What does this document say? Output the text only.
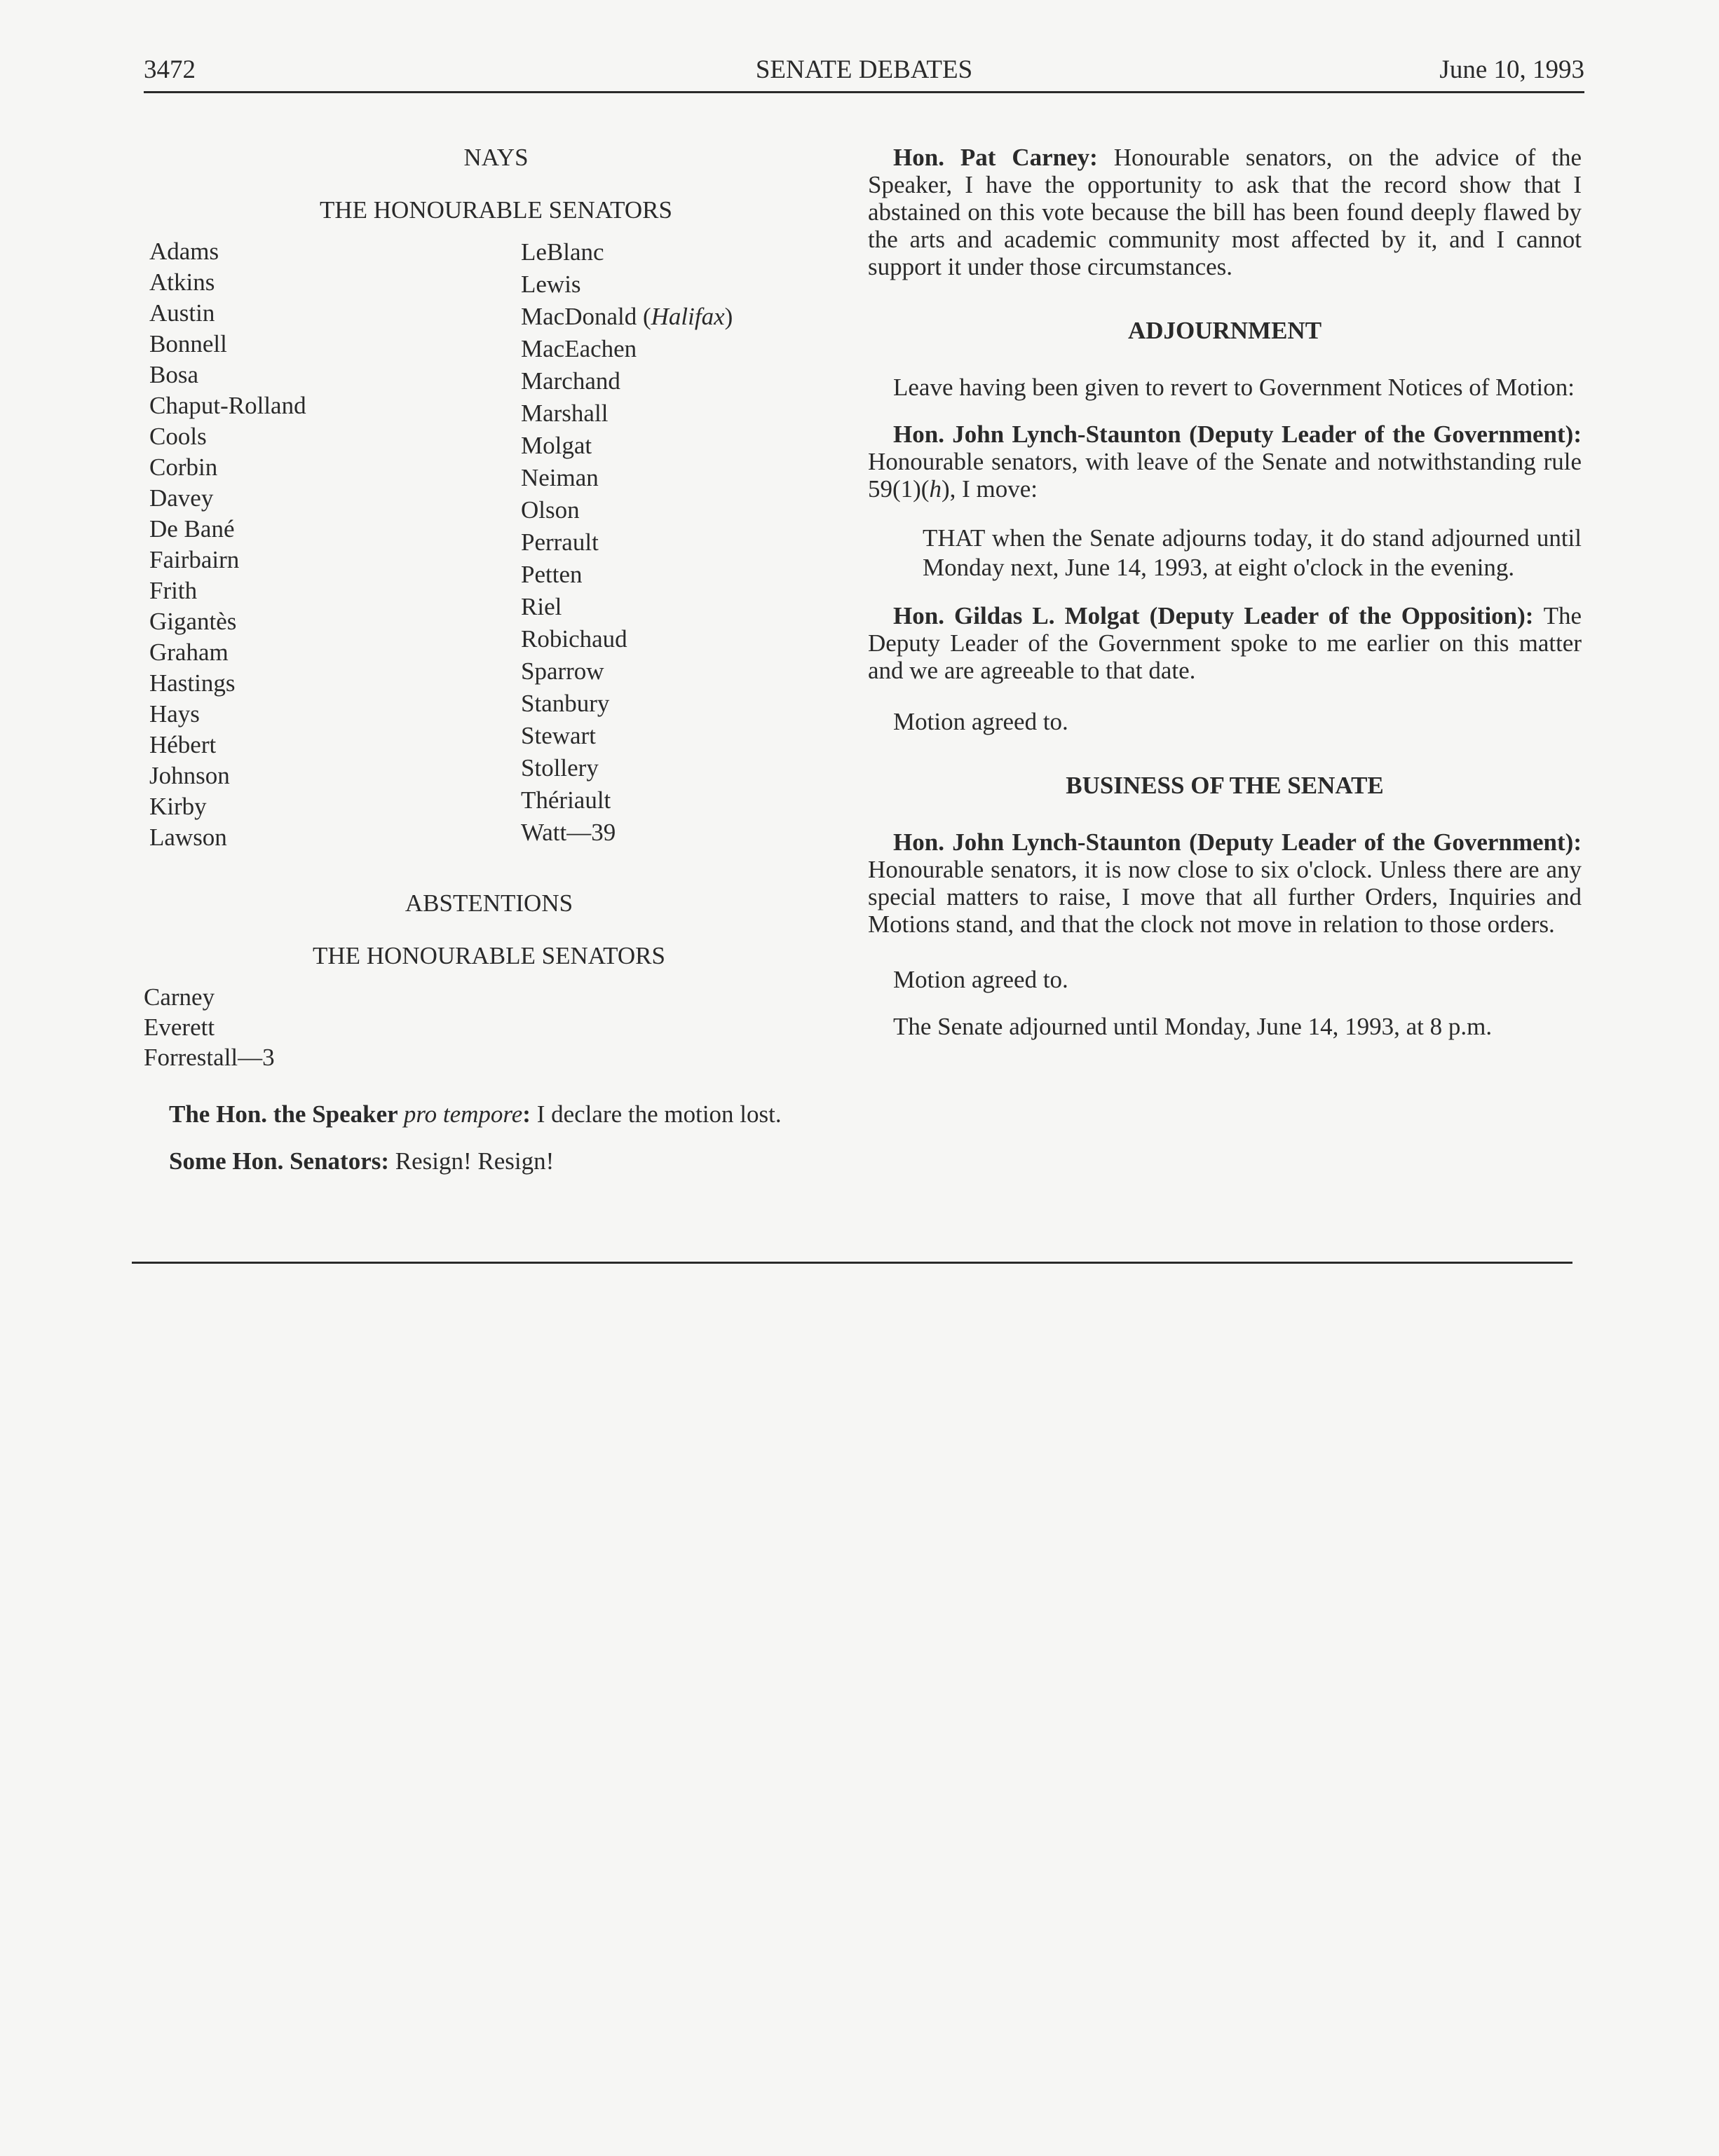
3472	SENATE DEBATES	June 10, 1993
NAYS
THE HONOURABLE SENATORS
Adams
Atkins
Austin
Bonnell
Bosa
Chaput-Rolland
Cools
Corbin
Davey
De Bané
Fairbairn
Frith
Gigantès
Graham
Hastings
Hays
Hébert
Johnson
Kirby
Lawson
LeBlanc
Lewis
MacDonald (Halifax)
MacEachen
Marchand
Marshall
Molgat
Neiman
Olson
Perrault
Petten
Riel
Robichaud
Sparrow
Stanbury
Stewart
Stollery
Thériault
Watt—39
ABSTENTIONS
THE HONOURABLE SENATORS
Carney
Everett
Forrestall—3

The Hon. the Speaker pro tempore: I declare the motion lost.

Some Hon. Senators: Resign! Resign!

Hon. Pat Carney: Honourable senators, on the advice of the Speaker, I have the opportunity to ask that the record show that I abstained on this vote because the bill has been found deeply flawed by the arts and academic community most affected by it, and I cannot support it under those circumstances.

ADJOURNMENT

Leave having been given to revert to Government Notices of Motion:

Hon. John Lynch-Staunton (Deputy Leader of the Government): Honourable senators, with leave of the Senate and notwithstanding rule 59(1)(h), I move:

THAT when the Senate adjourns today, it do stand adjourned until Monday next, June 14, 1993, at eight o'clock in the evening.

Hon. Gildas L. Molgat (Deputy Leader of the Opposition): The Deputy Leader of the Government spoke to me earlier on this matter and we are agreeable to that date.

Motion agreed to.

BUSINESS OF THE SENATE

Hon. John Lynch-Staunton (Deputy Leader of the Government): Honourable senators, it is now close to six o'clock. Unless there are any special matters to raise, I move that all further Orders, Inquiries and Motions stand, and that the clock not move in relation to those orders.

Motion agreed to.

The Senate adjourned until Monday, June 14, 1993, at 8 p.m.
